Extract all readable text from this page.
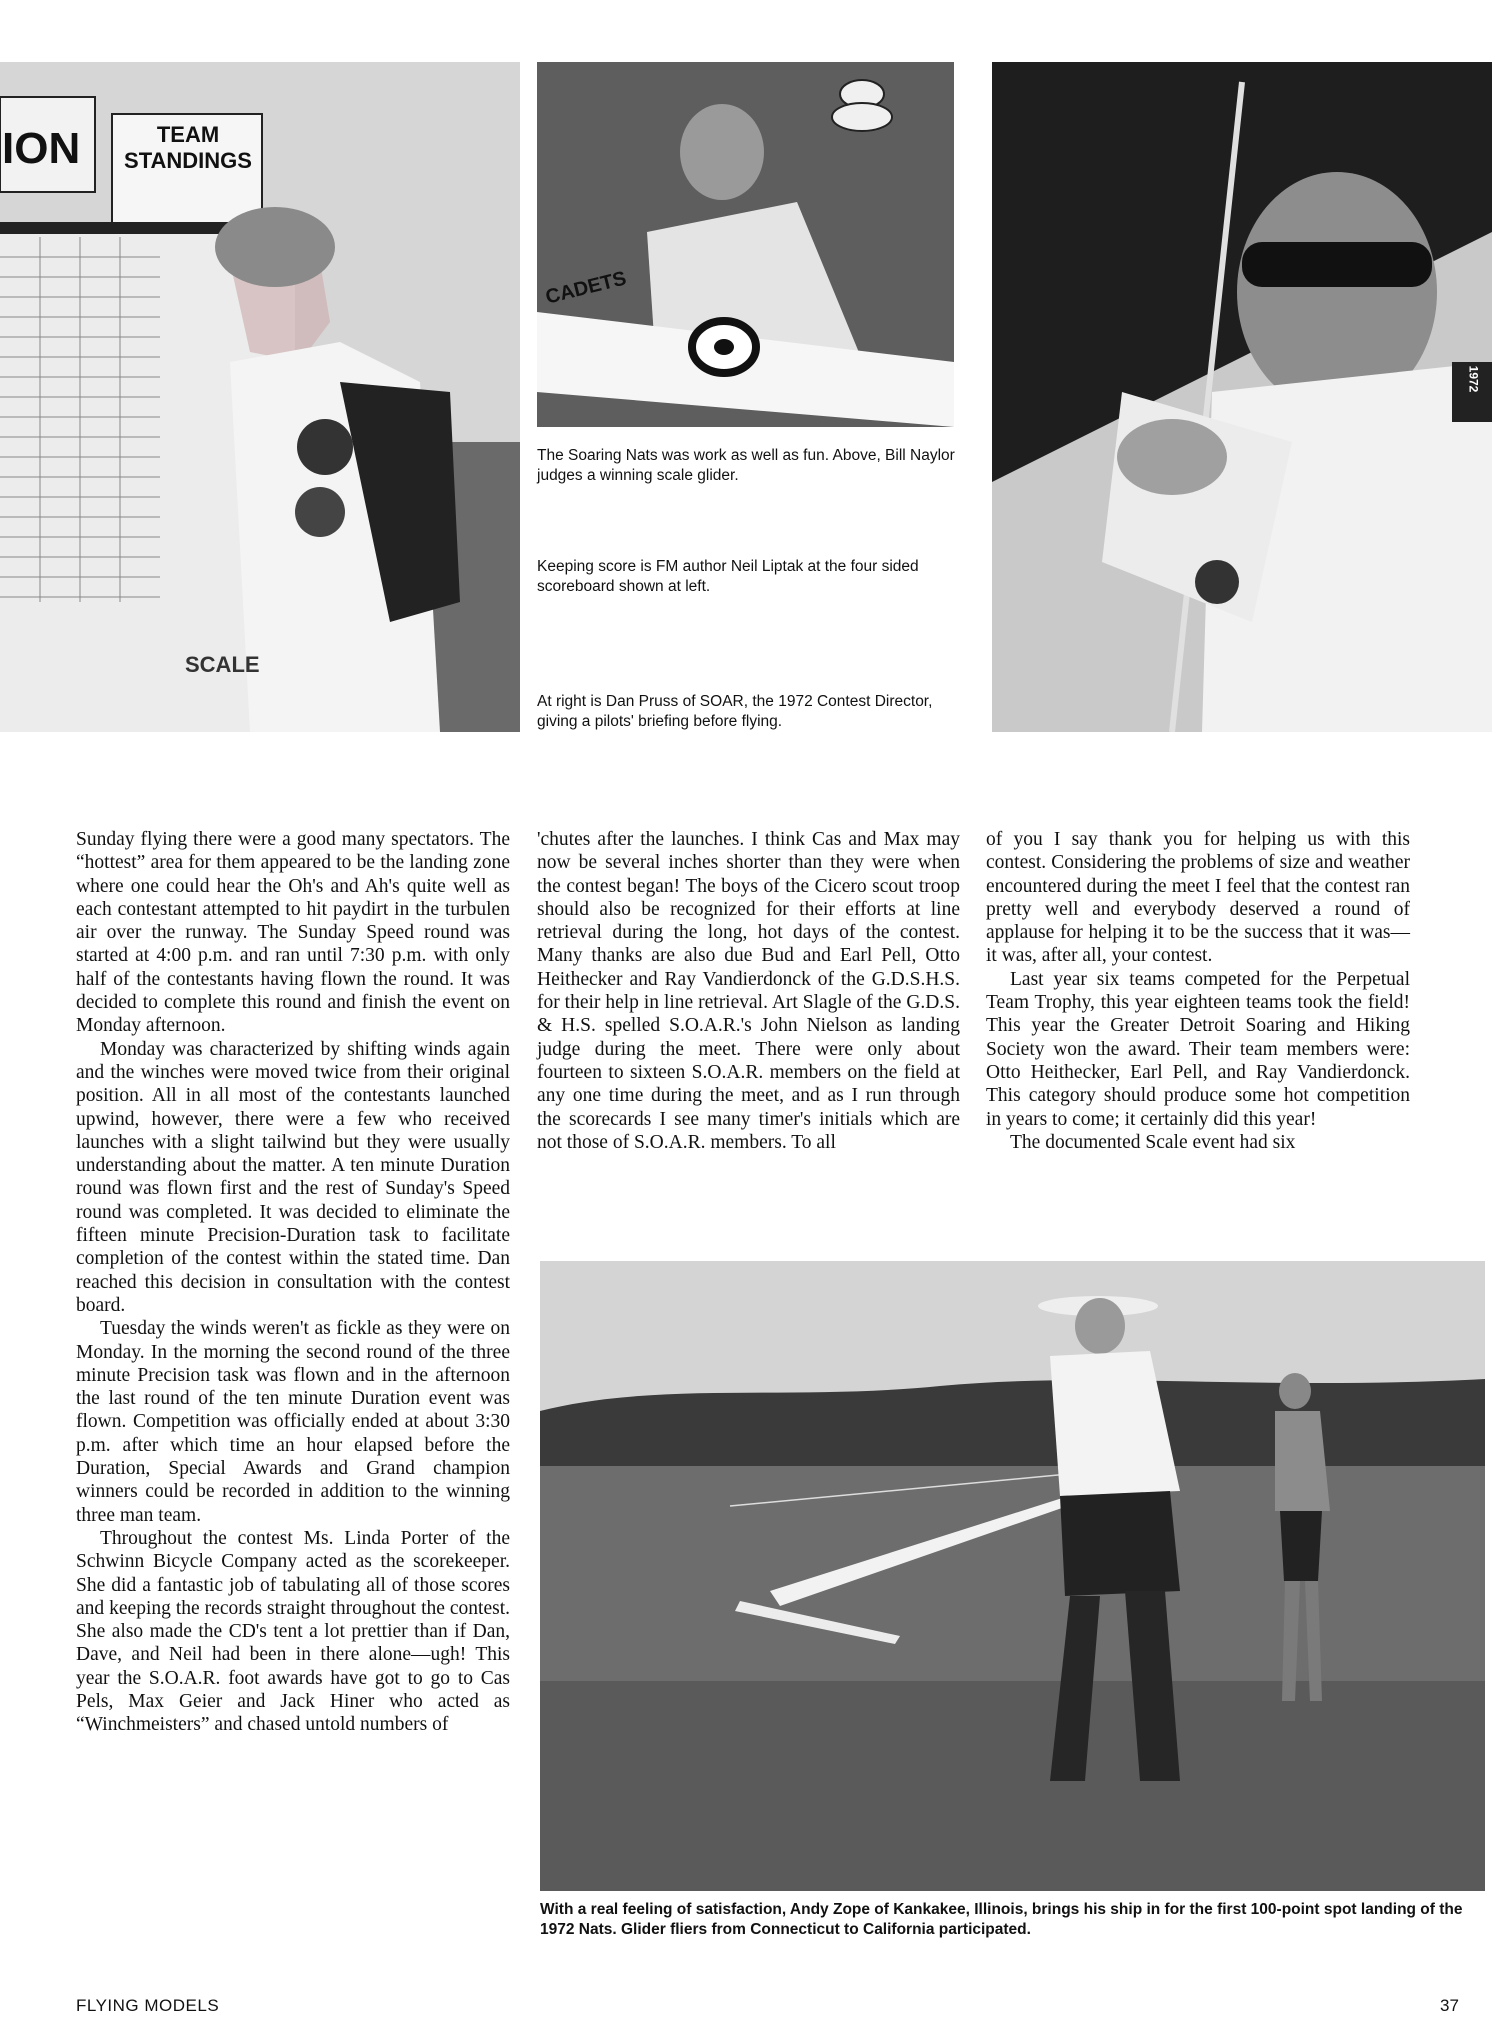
ION	TEAM STANDINGS
SCALE
CADETS
1972

The Soaring Nats was work as well as fun. Above, Bill Naylor judges a winning scale glider.

Keeping score is FM author Neil Liptak at the four sided scoreboard shown at left.

At right is Dan Pruss of SOAR, the 1972 Contest Director, giving a pilots' briefing before flying.

Sunday flying there were a good many spectators. The “hottest” area for them appeared to be the landing zone where one could hear the Oh's and Ah's quite well as each contestant attempted to hit paydirt in the turbulen air over the runway. The Sunday Speed round was started at 4:00 p.m. and ran until 7:30 p.m. with only half of the contestants having flown the round. It was decided to complete this round and finish the event on Monday afternoon.

Monday was characterized by shifting winds again and the winches were moved twice from their original position. All in all most of the contestants launched upwind, however, there were a few who received launches with a slight tailwind but they were usually understanding about the matter. A ten minute Duration round was flown first and the rest of Sunday's Speed round was completed. It was decided to eliminate the fifteen minute Precision-Duration task to facilitate completion of the contest within the stated time. Dan reached this decision in consultation with the contest board.

Tuesday the winds weren't as fickle as they were on Monday. In the morning the second round of the three minute Precision task was flown and in the afternoon the last round of the ten minute Duration event was flown. Competition was officially ended at about 3:30 p.m. after which time an hour elapsed before the Duration, Special Awards and Grand champion winners could be recorded in addition to the winning three man team.

Throughout the contest Ms. Linda Porter of the Schwinn Bicycle Company acted as the scorekeeper. She did a fantastic job of tabulating all of those scores and keeping the records straight throughout the contest. She also made the CD's tent a lot prettier than if Dan, Dave, and Neil had been in there alone—ugh! This year the S.O.A.R. foot awards have got to go to Cas Pels, Max Geier and Jack Hiner who acted as “Winchmeisters” and chased untold numbers of

'chutes after the launches. I think Cas and Max may now be several inches shorter than they were when the contest began! The boys of the Cicero scout troop should also be recognized for their efforts at line retrieval during the long, hot days of the contest. Many thanks are also due Bud and Earl Pell, Otto Heithecker and Ray Vandierdonck of the G.D.S.H.S. for their help in line retrieval. Art Slagle of the G.D.S. & H.S. spelled S.O.A.R.'s John Nielson as landing judge during the meet. There were only about fourteen to sixteen S.O.A.R. members on the field at any one time during the meet, and as I run through the scorecards I see many timer's initials which are not those of S.O.A.R. members. To all

of you I say thank you for helping us with this contest. Considering the problems of size and weather encountered during the meet I feel that the contest ran pretty well and everybody deserved a round of applause for helping it to be the success that it was—it was, after all, your contest.

Last year six teams competed for the Perpetual Team Trophy, this year eighteen teams took the field! This year the Greater Detroit Soaring and Hiking Society won the award. Their team members were: Otto Heithecker, Earl Pell, and Ray Vandierdonck. This category should produce some hot competition in years to come; it certainly did this year!

The documented Scale event had six

With a real feeling of satisfaction, Andy Zope of Kankakee, Illinois, brings his ship in for the first 100-point spot landing of the 1972 Nats. Glider fliers from Connecticut to California participated.

FLYING MODELS	37
